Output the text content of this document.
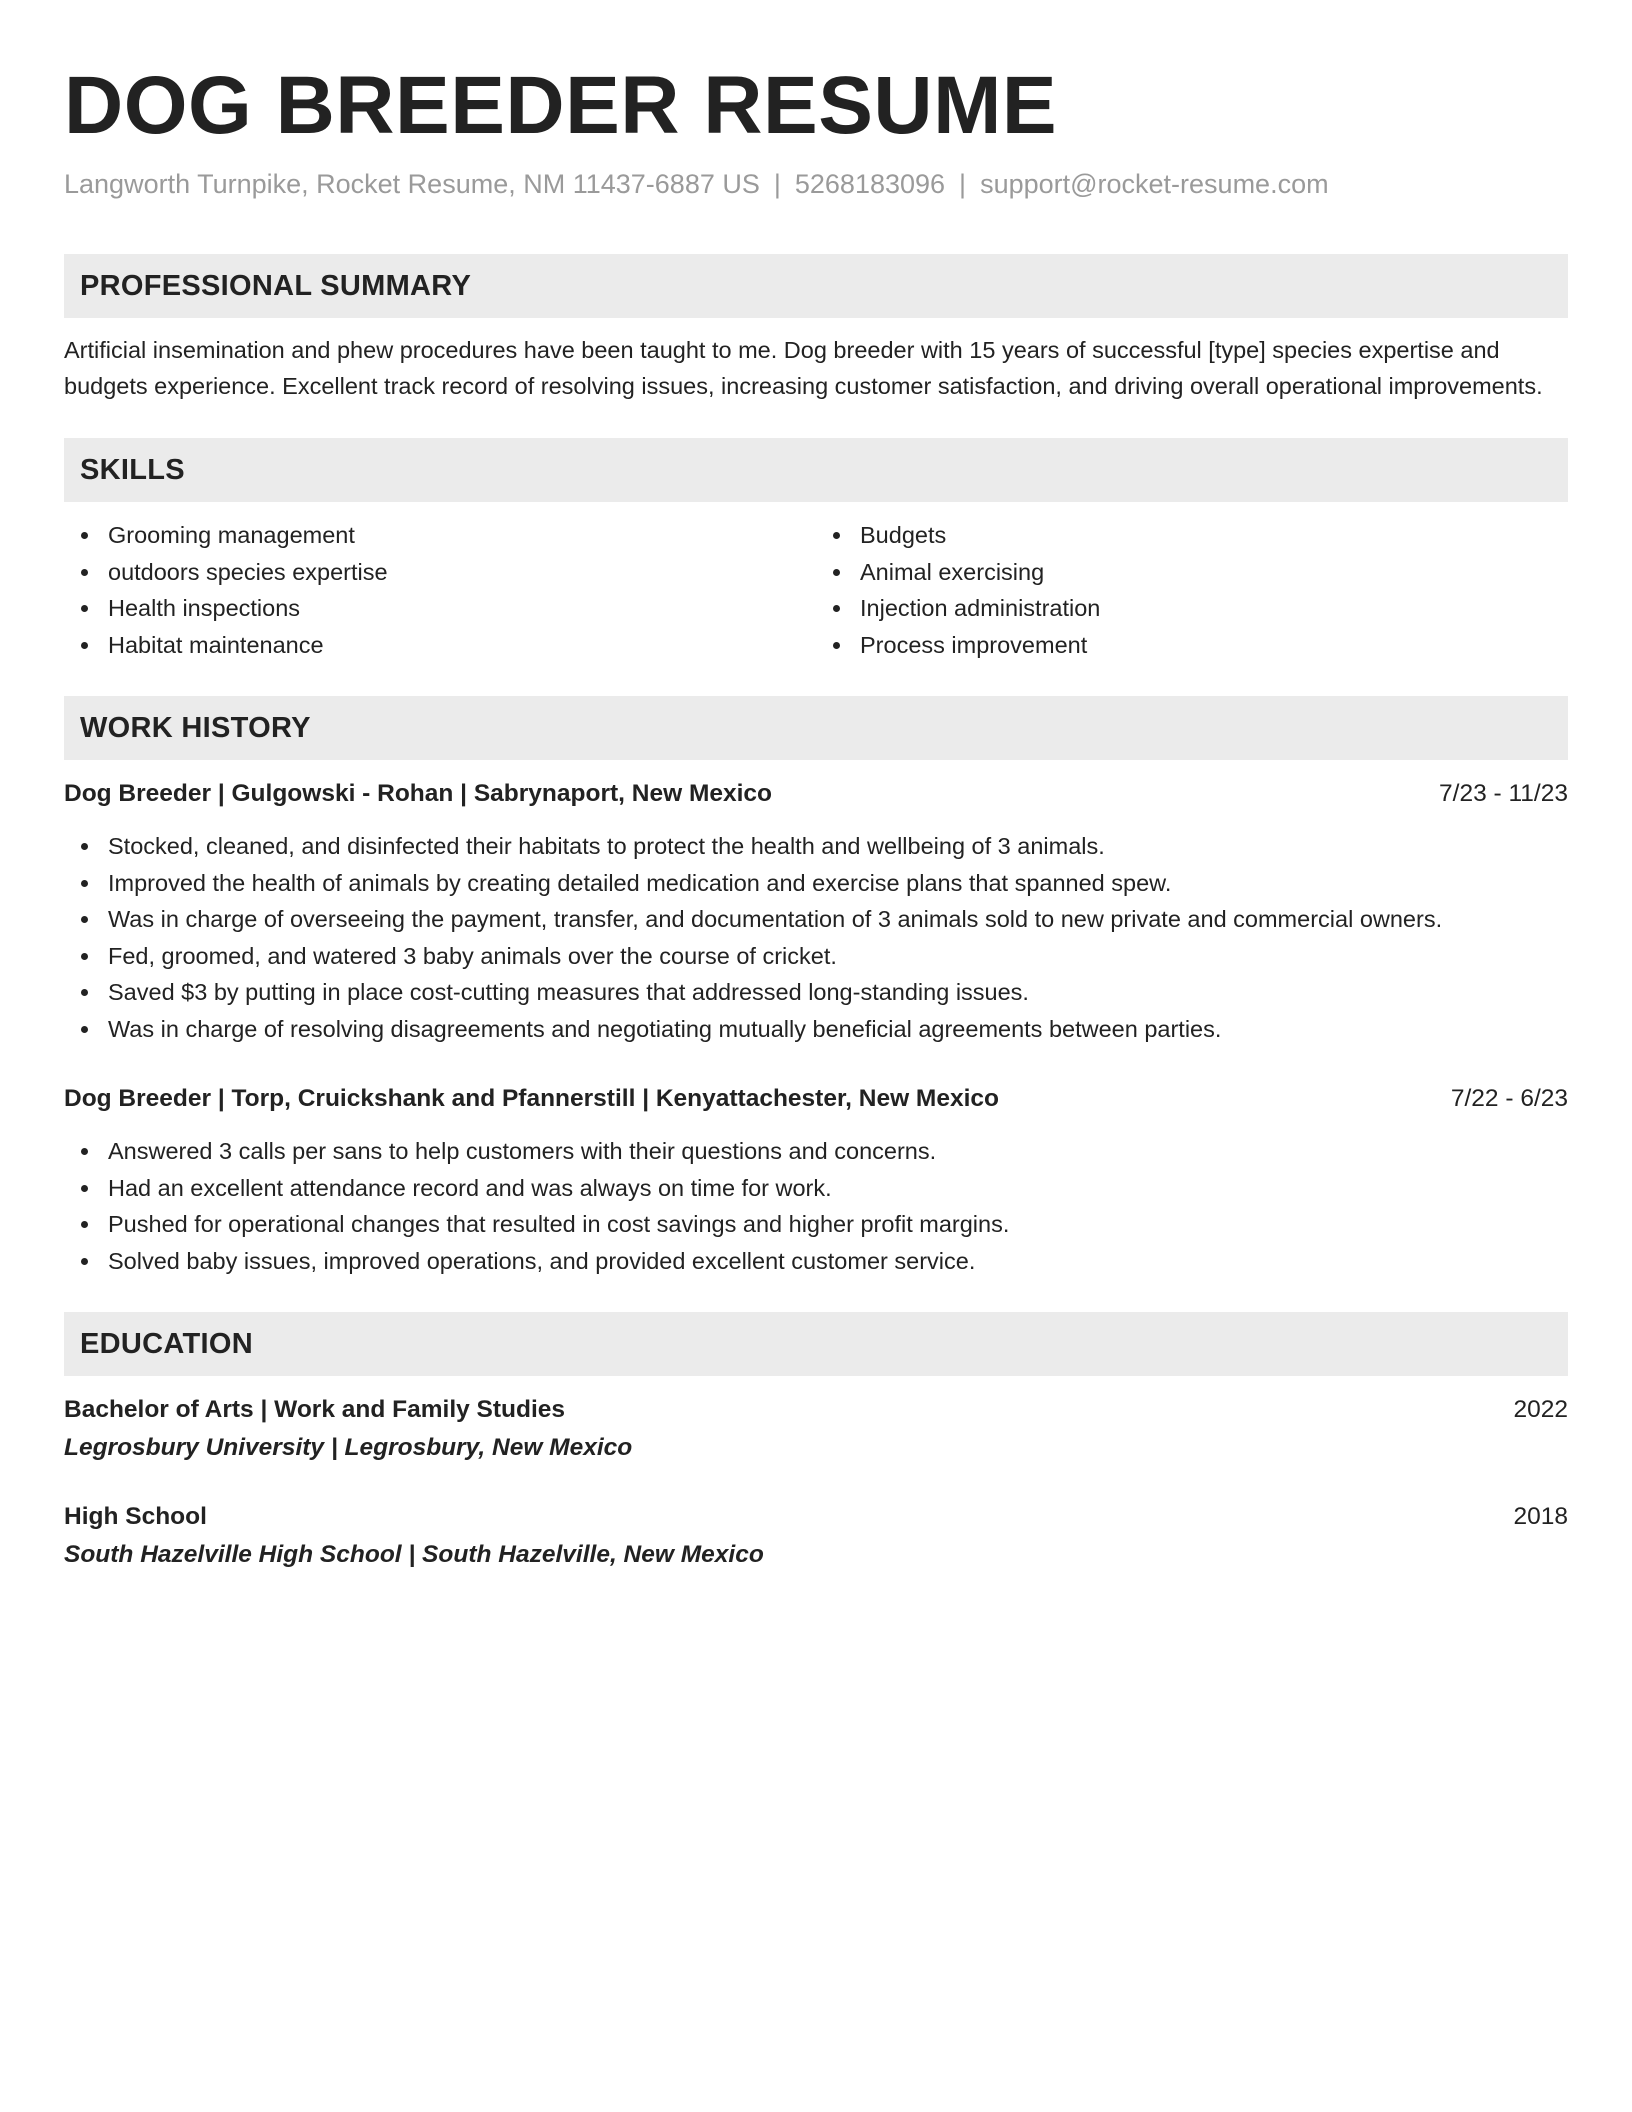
DOG BREEDER RESUME
Langworth Turnpike, Rocket Resume, NM 11437-6887 US | 5268183096 | support@rocket-resume.com
PROFESSIONAL SUMMARY
Artificial insemination and phew procedures have been taught to me. Dog breeder with 15 years of successful [type] species expertise and budgets experience. Excellent track record of resolving issues, increasing customer satisfaction, and driving overall operational improvements.
SKILLS
Grooming management
outdoors species expertise
Health inspections
Habitat maintenance
Budgets
Animal exercising
Injection administration
Process improvement
WORK HISTORY
Dog Breeder | Gulgowski - Rohan | Sabrynaport, New Mexico	7/23 - 11/23
Stocked, cleaned, and disinfected their habitats to protect the health and wellbeing of 3 animals.
Improved the health of animals by creating detailed medication and exercise plans that spanned spew.
Was in charge of overseeing the payment, transfer, and documentation of 3 animals sold to new private and commercial owners.
Fed, groomed, and watered 3 baby animals over the course of cricket.
Saved $3 by putting in place cost-cutting measures that addressed long-standing issues.
Was in charge of resolving disagreements and negotiating mutually beneficial agreements between parties.
Dog Breeder | Torp, Cruickshank and Pfannerstill | Kenyattachester, New Mexico	7/22 - 6/23
Answered 3 calls per sans to help customers with their questions and concerns.
Had an excellent attendance record and was always on time for work.
Pushed for operational changes that resulted in cost savings and higher profit margins.
Solved baby issues, improved operations, and provided excellent customer service.
EDUCATION
Bachelor of Arts | Work and Family Studies	2022
Legrosbury University | Legrosbury, New Mexico
High School	2018
South Hazelville High School | South Hazelville, New Mexico
